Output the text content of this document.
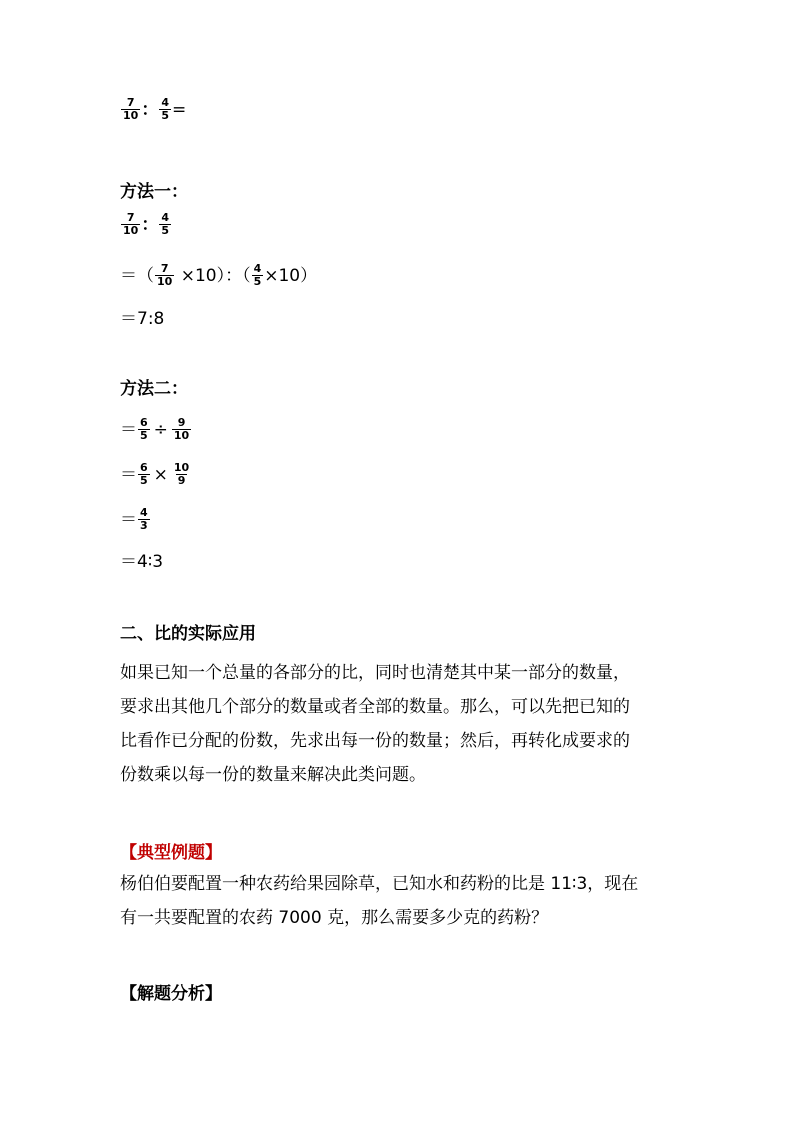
$\frac{7}{10}$ ： $\frac{4}{5}$ =
方法一：
$\frac{7}{10}$ ： $\frac{4}{5}$
＝（ $\frac{7}{10} \times 10$）：（ $\frac{4}{5} \times 10$）
＝7:8
方法二：
＝ $\frac{6}{5} \div \frac{9}{10}$
＝ $\frac{6}{5} \times \frac{10}{9}$
＝ $\frac{4}{3}$
＝4∶3
二、比的实际应用
如果已知一个总量的各部分的比，同时也清楚其中某一部分的数量，
要求出其他几个部分的数量或者全部的数量。那么，可以先把已知的
比看作已分配的份数，先求出每一份的数量；然后，再转化成要求的
份数乘以每一份的数量来解决此类问题。
【典型例题】
杨伯伯要配置一种农药给果园除草，已知水和药粉的比是 11∶3，现在
有一共要配置的农药 7000 克，那么需要多少克的药粉？
【解题分析】
